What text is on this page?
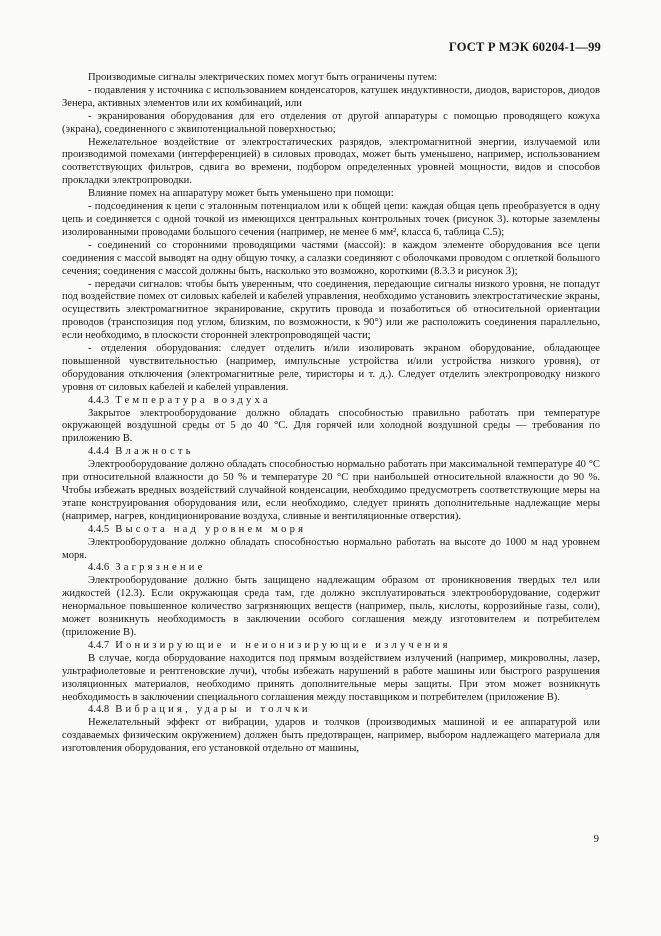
ГОСТ Р МЭК 60204-1—99

Производимые сигналы электрических помех могут быть ограничены путем:

- подавления у источника с использованием конденсаторов, катушек индуктивности, диодов, варисторов, диодов Зенера, активных элементов или их комбинаций, или

- экранирования оборудования для его отделения от другой аппаратуры с помощью проводящего кожуха (экрана), соединенного с эквипотенциальной поверхностью;

Нежелательное воздействие от электростатических разрядов, электромагнитной энергии, излучаемой или производимой помехами (интерференцией) в силовых проводах, может быть уменьшено, например, использованием соответствующих фильтров, сдвига во времени, подбором определенных уровней мощности, видов и способов прокладки электропроводки.

Влияние помех на аппаратуру может быть уменьшено при помощи:

- подсоединения к цепи с эталонным потенциалом или к общей цепи: каждая общая цепь преобразуется в одну цепь и соединяется с одной точкой из имеющихся центральных контрольных точек (рисунок 3). которые заземлены изолированными проводами большого сечения (например, не менее 6 мм², класса 6, таблица С.5);

- соединений со сторонними проводящими частями (массой): в каждом элементе оборудования все цепи соединения с массой выводят на одну общую точку, а салазки соединяют с оболочками проводом с оплеткой большого сечения; соединения с массой должны быть, насколько это возможно, короткими (8.3.3 и рисунок 3);

- передачи сигналов: чтобы быть уверенным, что соединения, передающие сигналы низкого уровня, не попадут под воздействие помех от силовых кабелей и кабелей управления, необходимо установить электростатические экраны, осуществить электромагнитное экранирование, скрутить провода и позаботиться об относительной ориентации проводов (транспозиция под углом, близким, по возможности, к 90°) или же расположить соединения параллельно, если необходимо, в плоскости сторонней электропроводящей части;

- отделения оборудования: следует отделить и/или изолировать экраном оборудование, обладающее повышенной чувствительностью (например, импульсные устройства и/или устройства низкого уровня), от оборудования отключения (электромагнитные реле, тиристоры и т. д.). Следует отделить электропроводку низкого уровня от силовых кабелей и кабелей управления.

4.4.3 Температура воздуха

Закрытое электрооборудование должно обладать способностью правильно работать при температуре окружающей воздушной среды от 5 до 40 °С. Для горячей или холодной воздушной среды — требования по приложению В.

4.4.4 Влажность

Электрооборудование должно обладать способностью нормально работать при максимальной температуре 40 °С при относительной влажности до 50 % и температуре 20 °С при наибольшей относительной влажности до 90 %. Чтобы избежать вредных воздействий случайной конденсации, необходимо предусмотреть соответствующие меры на этапе конструирования оборудования или, если необходимо, следует принять дополнительные надлежащие меры (например, нагрев, кондиционирование воздуха, сливные и вентиляционные отверстия).

4.4.5 Высота над уровнем моря

Электрооборудование должно обладать способностью нормально работать на высоте до 1000 м над уровнем моря.

4.4.6 Загрязнение

Электрооборудование должно быть защищено надлежащим образом от проникновения твердых тел или жидкостей (12.3). Если окружающая среда там, где должно эксплуатироваться электрооборудование, содержит ненормальное повышенное количество загрязняющих веществ (например, пыль, кислоты, коррозийные газы, соли), может возникнуть необходимость в заключении особого соглашения между изготовителем и потребителем (приложение В).

4.4.7 Ионизирующие и неионизирующие излучения

В случае, когда оборудование находится под прямым воздействием излучений (например, микроволны, лазер, ультрафиолетовые и рентгеновские лучи), чтобы избежать нарушений в работе машины или быстрого разрушения изоляционных материалов, необходимо принять дополнительные меры защиты. При этом может возникнуть необходимость в заключении специального соглашения между поставщиком и потребителем (приложение В).

4.4.8 Вибрация, удары и толчки

Нежелательный эффект от вибрации, ударов и толчков (производимых машиной и ее аппаратурой или создаваемых физическим окружением) должен быть предотвращен, например, выбором надлежащего материала для изготовления оборудования, его установкой отдельно от машины,

9
